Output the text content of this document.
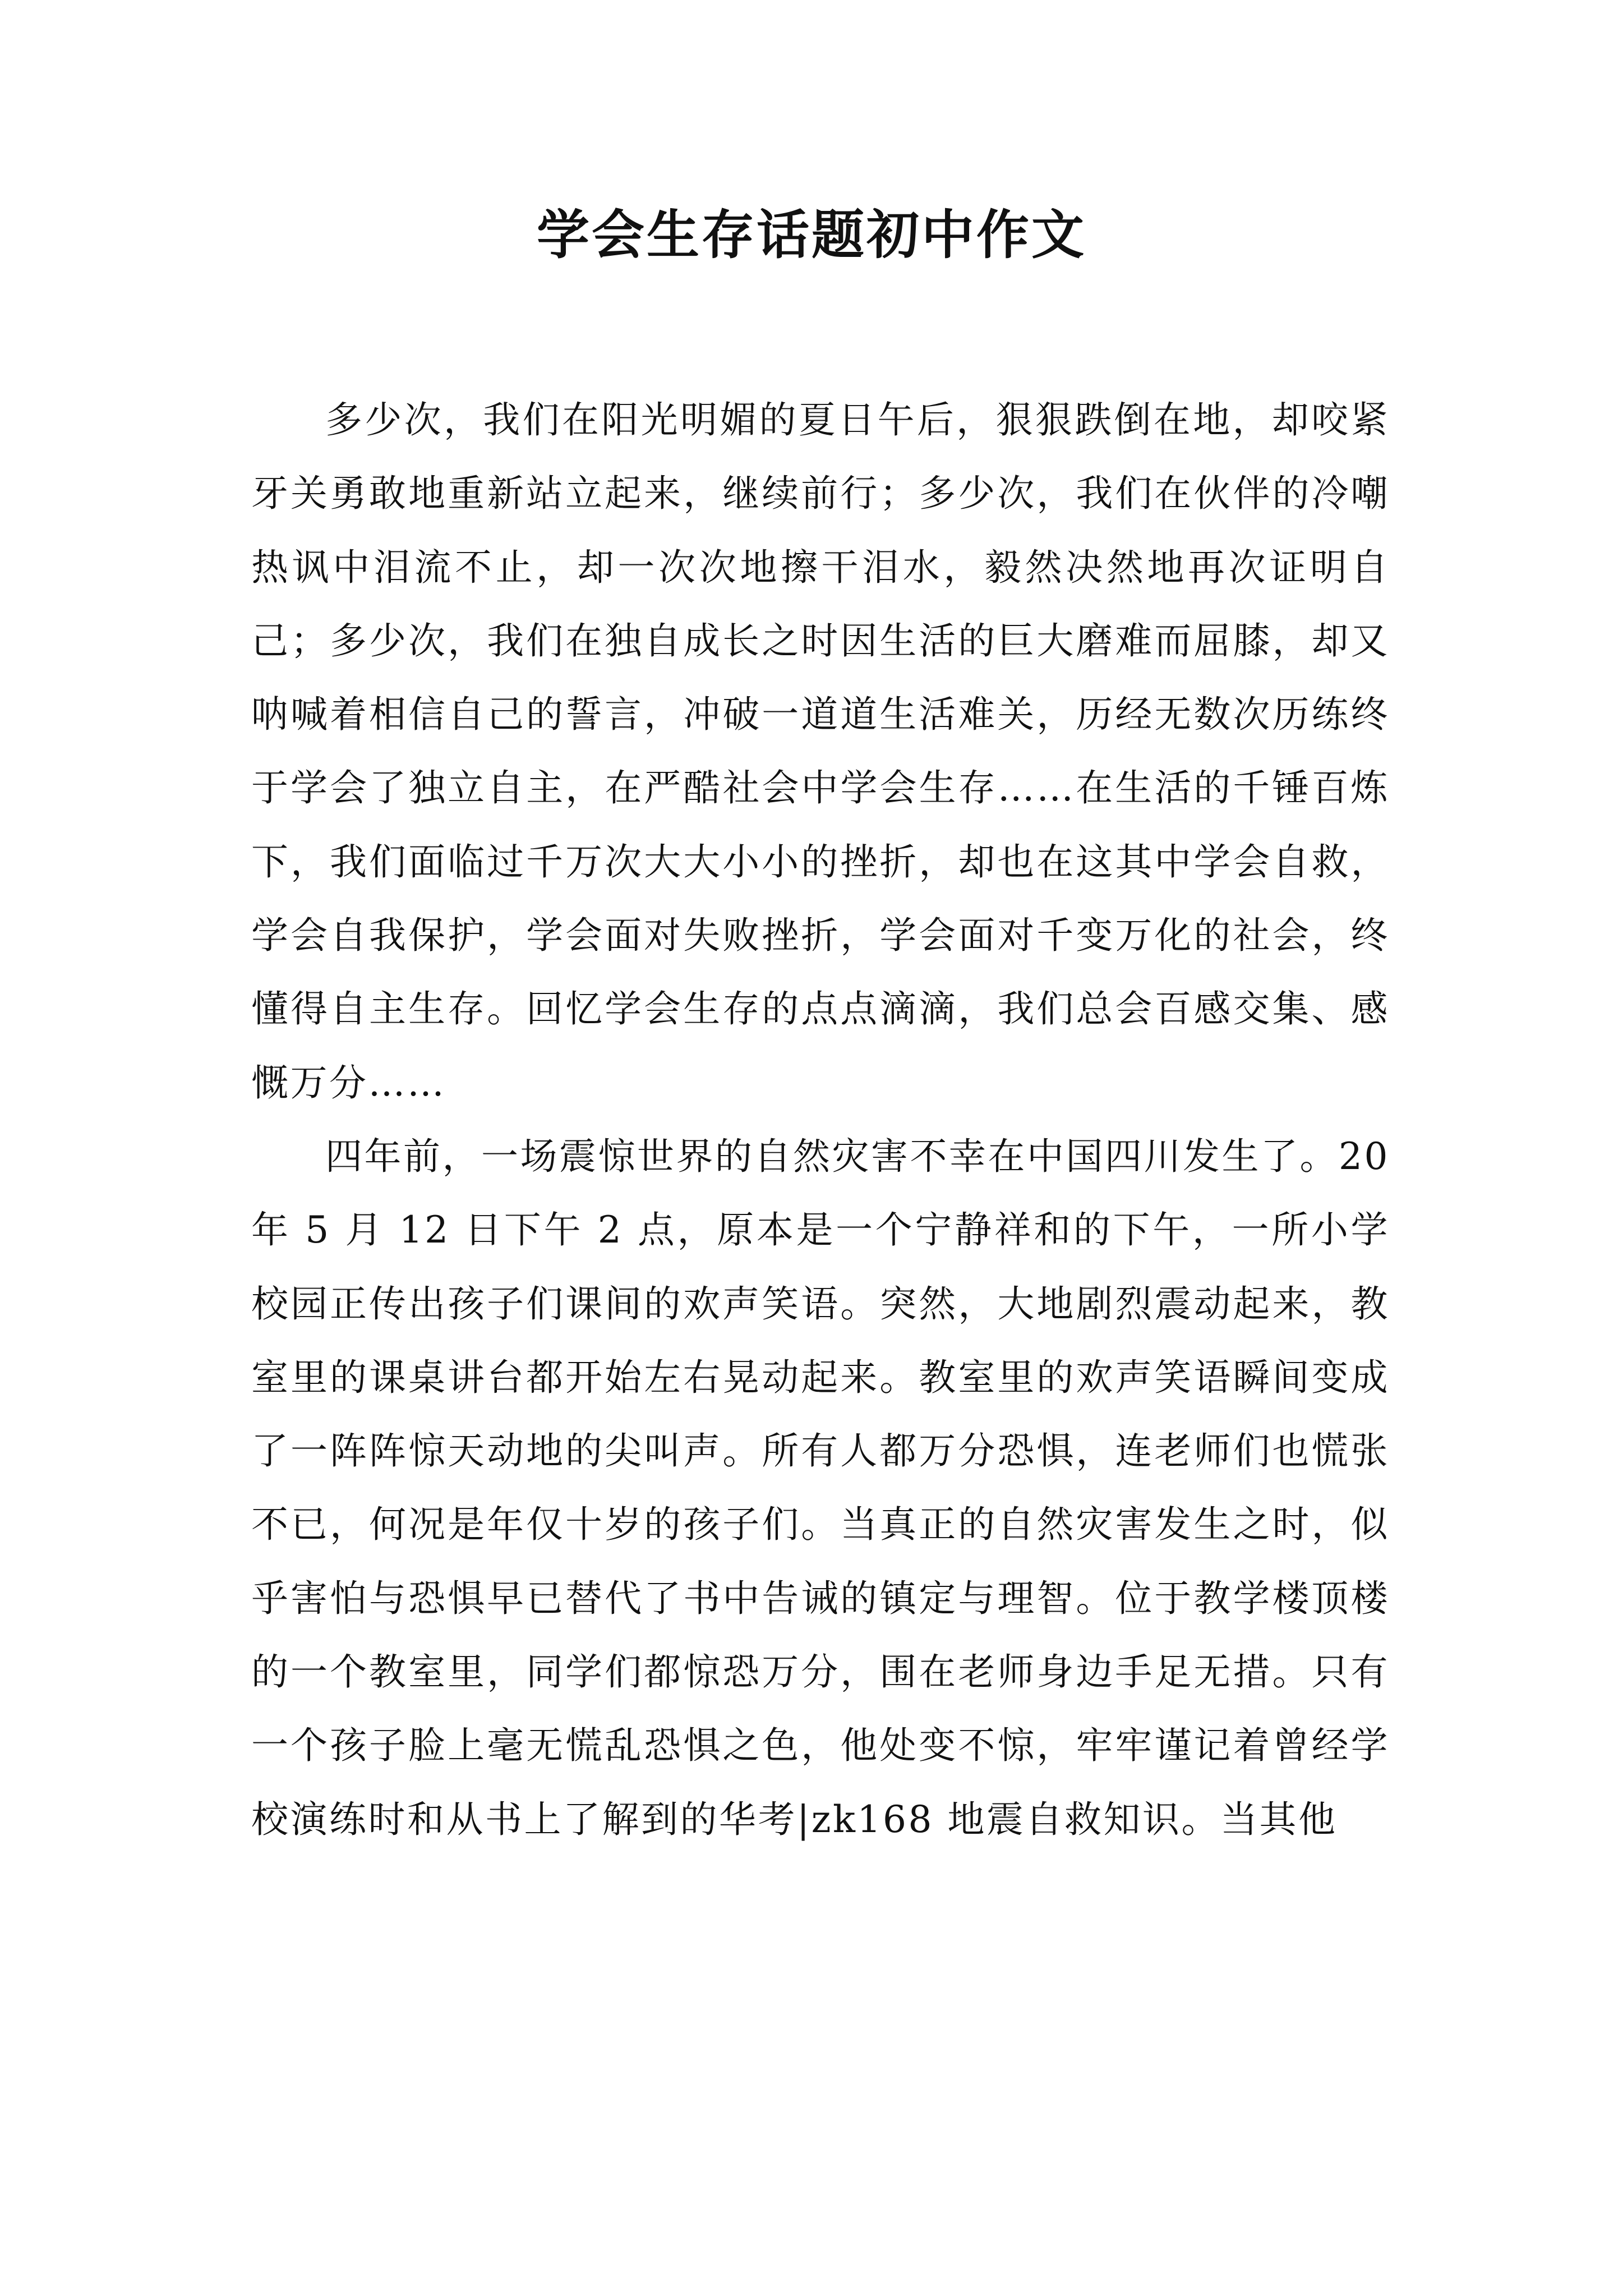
学会生存话题初中作文

多少次，我们在阳光明媚的夏日午后，狠狠跌倒在地，却咬紧牙关勇敢地重新站立起来，继续前行；多少次，我们在伙伴的冷嘲热讽中泪流不止，却一次次地擦干泪水，毅然决然地再次证明自己；多少次，我们在独自成长之时因生活的巨大磨难而屈膝，却又呐喊着相信自己的誓言，冲破一道道生活难关，历经无数次历练终于学会了独立自主，在严酷社会中学会生存……在生活的千锤百炼下，我们面临过千万次大大小小的挫折，却也在这其中学会自救，学会自我保护，学会面对失败挫折，学会面对千变万化的社会，终懂得自主生存。回忆学会生存的点点滴滴，我们总会百感交集、感慨万分……

四年前，一场震惊世界的自然灾害不幸在中国四川发生了。20 年 5 月 12 日下午 2 点，原本是一个宁静祥和的下午，一所小学校园正传出孩子们课间的欢声笑语。突然，大地剧烈震动起来，教室里的课桌讲台都开始左右晃动起来。教室里的欢声笑语瞬间变成了一阵阵惊天动地的尖叫声。所有人都万分恐惧，连老师们也慌张不已，何况是年仅十岁的孩子们。当真正的自然灾害发生之时，似乎害怕与恐惧早已替代了书中告诫的镇定与理智。位于教学楼顶楼的一个教室里，同学们都惊恐万分，围在老师身边手足无措。只有一个孩子脸上毫无慌乱恐惧之色，他处变不惊，牢牢谨记着曾经学校演练时和从书上了解到的华考|zk168 地震自救知识。当其他
